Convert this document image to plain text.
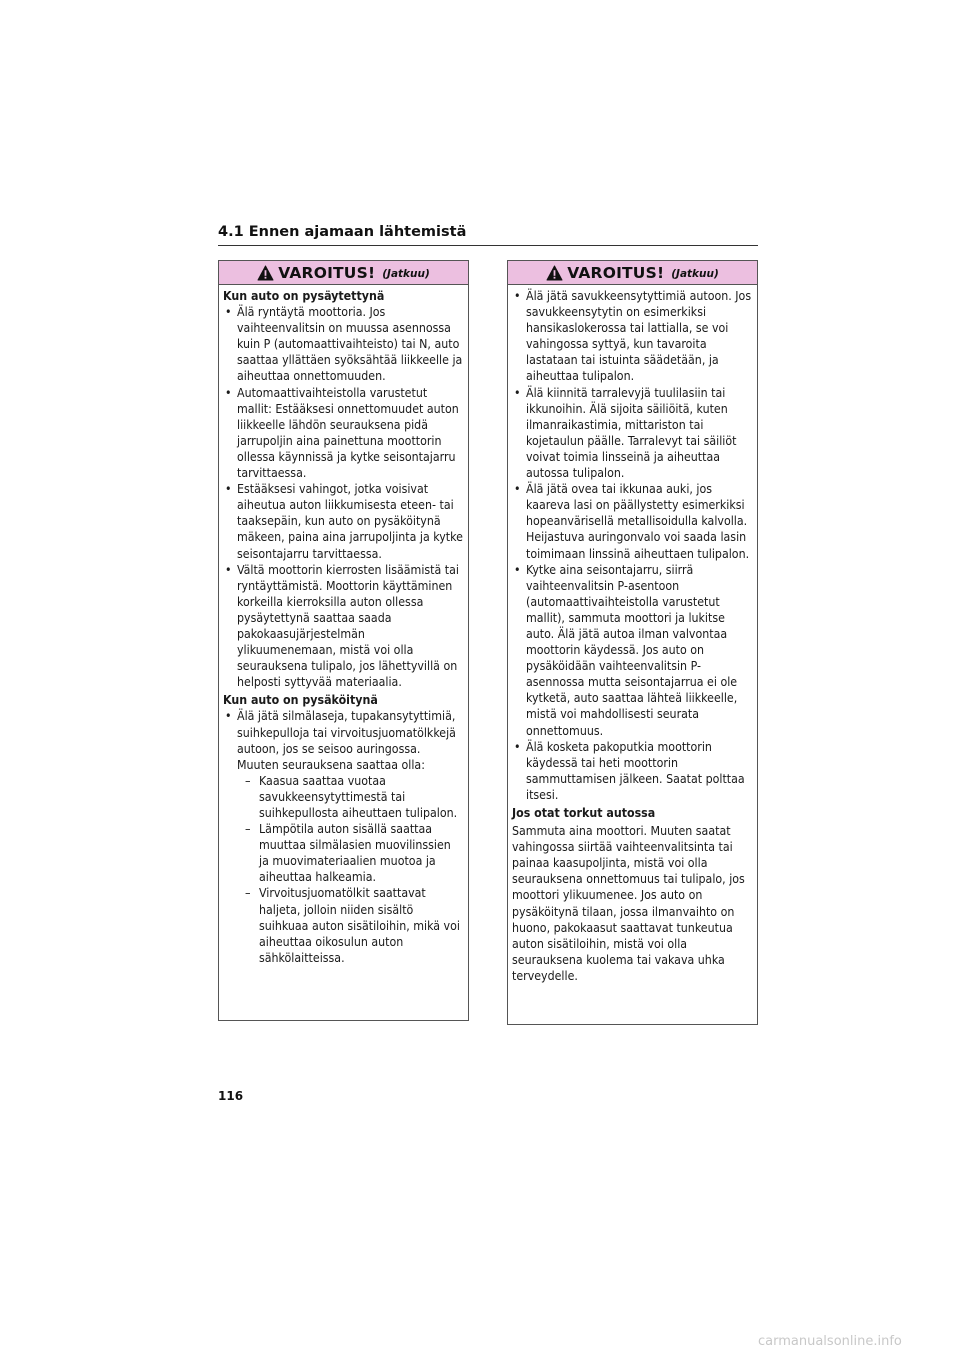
4.1 Ennen ajamaan lähtemistä
VAROITUS! (Jatkuu)

Kun auto on pysäytettynä

• Älä ryntäytä moottoria. Jos vaihteenvalitsin on muussa asennossa kuin P (automaattivaihteisto) tai N, auto saattaa yllättäen syöksähtää liikkeelle ja aiheuttaa onnettomuuden.
• Automaattivaihteistolla varustetut mallit: Estääksesi onnettomuudet auton liikkeelle lähdön seurauksena pidä jarrupoljin aina painettuna moottorin ollessa käynnissä ja kytke seisontajarru tarvittaessa.
• Estääksesi vahingot, jotka voisivat aiheutua auton liikkumisesta eteen- tai taaksepäin, kun auto on pysäköitynä mäkeen, paina aina jarrupoljinta ja kytke seisontajarru tarvittaessa.
• Vältä moottorin kierrosten lisäämistä tai ryntäyttämistä. Moottorin käyttäminen korkeilla kierroksilla auton ollessa pysäytettynä saattaa saada pakokaasujärjestelmän ylikuumenemaan, mistä voi olla seurauksena tulipalo, jos lähettyvillä on helposti syttyvää materiaalia.

Kun auto on pysäköitynä

• Älä jätä silmälaseja, tupakansytyttimiä, suihkepulloja tai virvoitusjuomatölkkejä autoon, jos se seisoo auringossa. Muuten seurauksena saattaa olla:
– Kaasua saattaa vuotaa savukkeensytyttimestä tai suihkepullosta aiheuttaen tulipalon.
– Lämpötila auton sisällä saattaa muuttaa silmälasien muovilinssien ja muovimateriaalien muotoa ja aiheuttaa halkeamia.
– Virvoitusjuomatölkit saattavat haljeta, jolloin niiden sisältö suihkuaa auton sisätiloihin, mikä voi aiheuttaa oikosulun auton sähkölaitteissa.
VAROITUS! (Jatkuu)
• Älä jätä savukkeensytyttimiä autoon. Jos savukkeensytytin on esimerkiksi hansikaslokerossa tai lattialla, se voi vahingossa syttyä, kun tavaroita lastataan tai istuinta säädetään, ja aiheuttaa tulipalon.
• Älä kiinnitä tarralevyjä tuulilasiin tai ikkunoihin. Älä sijoita säiliöitä, kuten ilmanraikastimia, mittariston tai kojetaulun päälle. Tarralevyt tai säiliöt voivat toimia linsseinä ja aiheuttaa autossa tulipalon.
• Älä jätä ovea tai ikkunaa auki, jos kaareva lasi on päällystetty esimerkiksi hopeanvärisellä metallisoidulla kalvolla. Heijastuva auringonvalo voi saada lasin toimimaan linssinä aiheuttaen tulipalon.
• Kytke aina seisontajarru, siirrä vaihteenvalitsin P-asentoon (automaattivaihteistolla varustetut mallit), sammuta moottori ja lukitse auto. Älä jätä autoa ilman valvontaa moottorin käydessä. Jos auto on pysäköidään vaihteenvalitsin P-asennossa mutta seisontajarrua ei ole kytketä, auto saattaa lähteä liikkeelle, mistä voi mahdollisesti seurata onnettomuus.
• Älä kosketa pakoputkia moottorin käydessä tai heti moottorin sammuttamisen jälkeen. Saatat polttaa itsesi.

Jos otat torkut autossa

Sammuta aina moottori. Muuten saatat vahingossa siirtää vaihteenvalitsinta tai painaa kaasupoljinta, mistä voi olla seurauksena onnettomuus tai tulipalo, jos moottori ylikuumenee. Jos auto on pysäköitynä tilaan, jossa ilmanvaihto on huono, pakokaasut saattavat tunkeutua auton sisätiloihin, mistä voi olla seurauksena kuolema tai vakava uhka terveydelle.

116
carmanualsonline.info
